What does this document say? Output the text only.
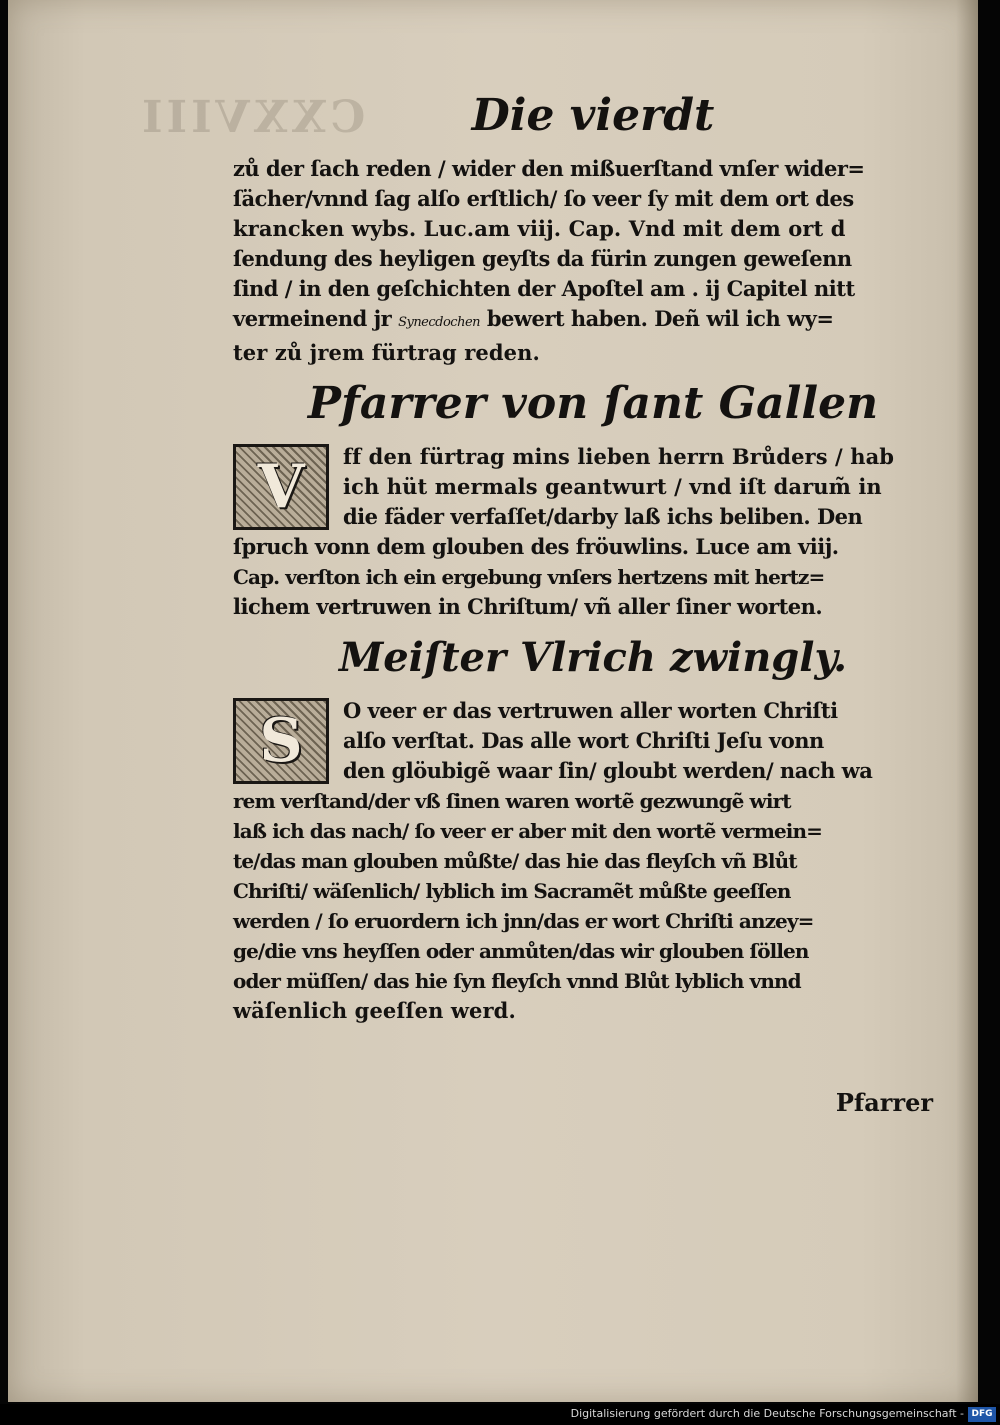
CXXVIII	Die vierdt
zů der ſach reden / wider den mißuerſtand vnſer wider=
ſächer/vnnd ſag alſo erſtlich/ ſo veer ſy mit dem ort des
krancken wybs. Luc.am viij. Cap. Vnd mit dem ort d
ſendung des heyligen geyſts da fürin zungen geweſenn
ſind / in den geſchichten der Apoſtel am . ij Capitel nitt
vermeinend jr Synecdochen bewert haben. Deñ wil ich wy=
ter zů jrem fürtrag reden.
Pfarrer von ſant Gallen
V	ff den fürtrag mins lieben herrn Brůders / hab
ich hüt mermals geantwurt / vnd iſt darum̃ in
die fäder verfaſſet/darby laß ichs beliben. Den
ſpruch vonn dem glouben des fröuwlins. Luce am viij.
Cap. verſton ich ein ergebung vnſers hertzens mit hertz=
lichem vertruwen in Chriſtum/ vñ aller ſiner worten.
Meiſter Vlrich zwingly.
S	O veer er das vertruwen aller worten Chriſti
alſo verſtat. Das alle wort Chriſti Jeſu vonn
den glöubigẽ waar ſin/ gloubt werden/ nach wa
rem verſtand/der vß ſinen waren wortẽ gezwungẽ wirt
laß ich das nach/ ſo veer er aber mit den wortẽ vermein=
te/das man glouben můßte/ das hie das fleyſch vñ Blůt
Chriſti/ wäſenlich/ lyblich im Sacramẽt můßte geeſſen
werden / ſo eruordern ich jnn/das er wort Chriſti anzey=
ge/die vns heyſſen oder anmůten/das wir glouben ſöllen
oder müſſen/ das hie ſyn fleyſch vnnd Blůt lyblich vnnd
wäſenlich geeſſen werd.
Pfarrer
Digitalisierung gefördert durch die Deutsche Forschungsgemeinschaft - DFG
